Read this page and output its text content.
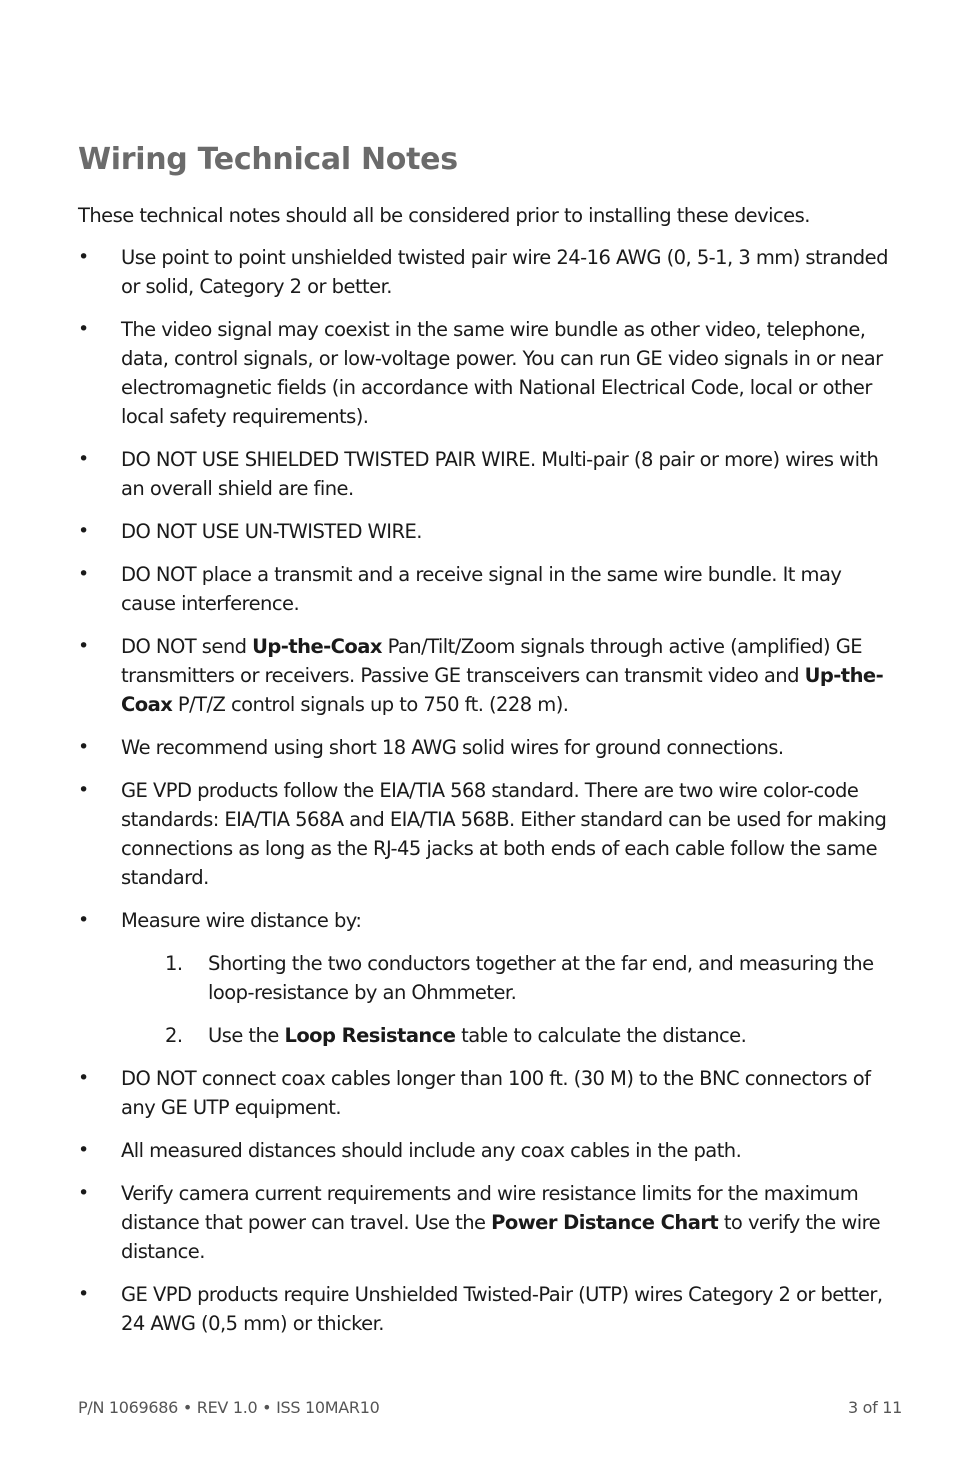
Wiring Technical Notes

These technical notes should all be considered prior to installing these devices.

• Use point to point unshielded twisted pair wire 24-16 AWG (0, 5-1, 3 mm) stranded or solid, Category 2 or better.
• The video signal may coexist in the same wire bundle as other video, telephone, data, control signals, or low-voltage power. You can run GE video signals in or near electromagnetic fields (in accordance with National Electrical Code, local or other local safety requirements).
• DO NOT USE SHIELDED TWISTED PAIR WIRE. Multi-pair (8 pair or more) wires with an overall shield are fine.
• DO NOT USE UN-TWISTED WIRE.
• DO NOT place a transmit and a receive signal in the same wire bundle. It may cause interference.
• DO NOT send Up-the-Coax Pan/Tilt/Zoom signals through active (amplified) GE transmitters or receivers. Passive GE transceivers can transmit video and Up-the-Coax P/T/Z control signals up to 750 ft. (228 m).
• We recommend using short 18 AWG solid wires for ground connections.
• GE VPD products follow the EIA/TIA 568 standard. There are two wire color-code standards: EIA/TIA 568A and EIA/TIA 568B. Either standard can be used for making connections as long as the RJ-45 jacks at both ends of each cable follow the same standard.
• Measure wire distance by:
1. Shorting the two conductors together at the far end, and measuring the loop-resistance by an Ohmmeter.
2. Use the Loop Resistance table to calculate the distance.
• DO NOT connect coax cables longer than 100 ft. (30 M) to the BNC connectors of any GE UTP equipment.
• All measured distances should include any coax cables in the path.
• Verify camera current requirements and wire resistance limits for the maximum distance that power can travel. Use the Power Distance Chart to verify the wire distance.
• GE VPD products require Unshielded Twisted-Pair (UTP) wires Category 2 or better, 24 AWG (0,5 mm) or thicker.
P/N 1069686 • REV 1.0 • ISS 10MAR10	3 of 11
